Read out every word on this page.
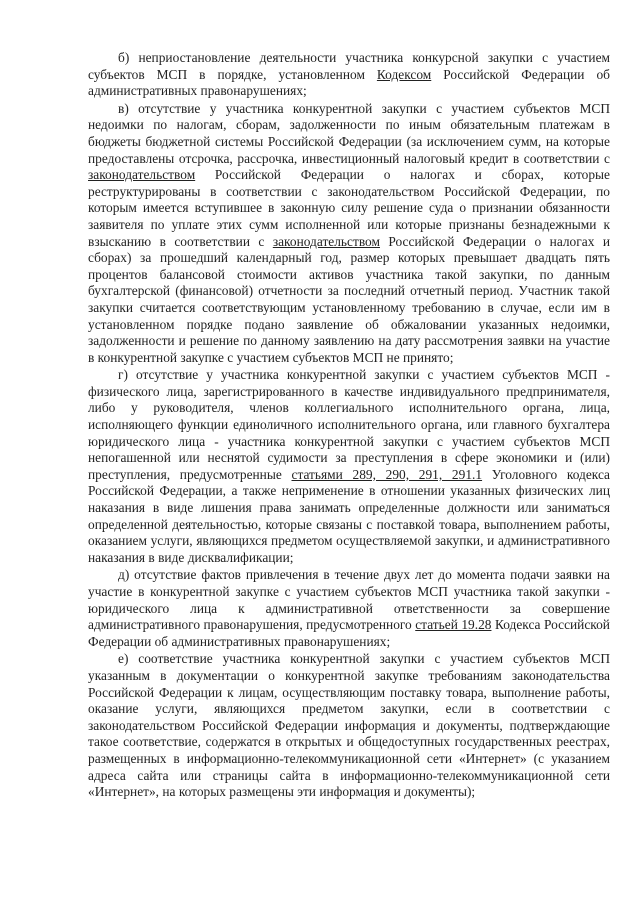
б) неприостановление деятельности участника конкурсной закупки с участием субъектов МСП в порядке, установленном Кодексом Российской Федерации об административных правонарушениях;

в) отсутствие у участника конкурентной закупки с участием субъектов МСП недоимки по налогам, сборам, задолженности по иным обязательным платежам в бюджеты бюджетной системы Российской Федерации (за исключением сумм, на которые предоставлены отсрочка, рассрочка, инвестиционный налоговый кредит в соответствии с законодательством Российской Федерации о налогах и сборах, которые реструктурированы в соответствии с законодательством Российской Федерации, по которым имеется вступившее в законную силу решение суда о признании обязанности заявителя по уплате этих сумм исполненной или которые признаны безнадежными к взысканию в соответствии с законодательством Российской Федерации о налогах и сборах) за прошедший календарный год, размер которых превышает двадцать пять процентов балансовой стоимости активов участника такой закупки, по данным бухгалтерской (финансовой) отчетности за последний отчетный период. Участник такой закупки считается соответствующим установленному требованию в случае, если им в установленном порядке подано заявление об обжаловании указанных недоимки, задолженности и решение по данному заявлению на дату рассмотрения заявки на участие в конкурентной закупке с участием субъектов МСП не принято;

г) отсутствие у участника конкурентной закупки с участием субъектов МСП - физического лица, зарегистрированного в качестве индивидуального предпринимателя, либо у руководителя, членов коллегиального исполнительного органа, лица, исполняющего функции единоличного исполнительного органа, или главного бухгалтера юридического лица - участника конкурентной закупки с участием субъектов МСП непогашенной или неснятой судимости за преступления в сфере экономики и (или) преступления, предусмотренные статьями 289, 290, 291, 291.1 Уголовного кодекса Российской Федерации, а также неприменение в отношении указанных физических лиц наказания в виде лишения права занимать определенные должности или заниматься определенной деятельностью, которые связаны с поставкой товара, выполнением работы, оказанием услуги, являющихся предметом осуществляемой закупки, и административного наказания в виде дисквалификации;

д) отсутствие фактов привлечения в течение двух лет до момента подачи заявки на участие в конкурентной закупке с участием субъектов МСП участника такой закупки - юридического лица к административной ответственности за совершение административного правонарушения, предусмотренного статьей 19.28 Кодекса Российской Федерации об административных правонарушениях;

е) соответствие участника конкурентной закупки с участием субъектов МСП указанным в документации о конкурентной закупке требованиям законодательства Российской Федерации к лицам, осуществляющим поставку товара, выполнение работы, оказание услуги, являющихся предметом закупки, если в соответствии с законодательством Российской Федерации информация и документы, подтверждающие такое соответствие, содержатся в открытых и общедоступных государственных реестрах, размещенных в информационно-телекоммуникационной сети «Интернет» (с указанием адреса сайта или страницы сайта в информационно-телекоммуникационной сети «Интернет», на которых размещены эти информация и документы);
